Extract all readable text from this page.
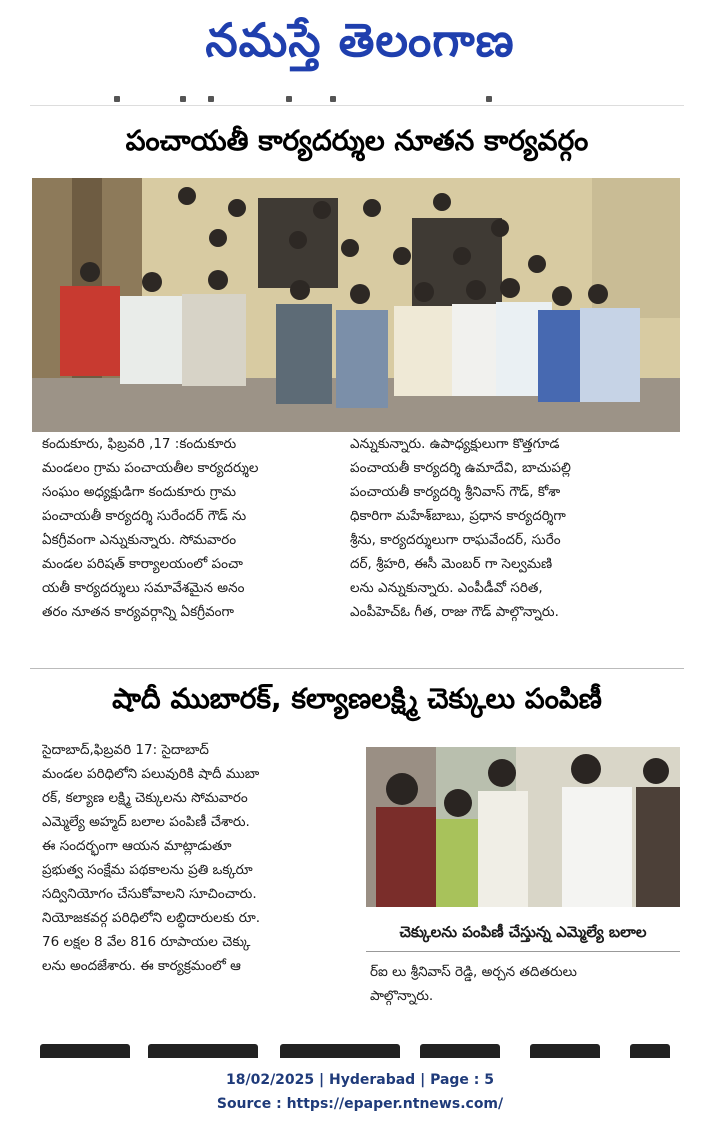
నమస్తే తెలంగాణ
పంచాయతీ కార్యదర్శుల నూతన కార్యవర్గం

కందుకూరు, ఫిబ్రవరి ,17 :కందుకూరు

మండలం గ్రామ పంచాయతీల కార్యదర్శుల

సంఘం అధ్యక్షుడిగా కందుకూరు గ్రామ

పంచాయతీ కార్యదర్శి సురేందర్ గౌడ్ ను

ఏకగ్రీవంగా ఎన్నుకున్నారు. సోమవారం

మండల పరిషత్ కార్యాలయంలో పంచా

యతీ కార్యదర్శులు సమావేశమైన అనం

తరం నూతన కార్యవర్గాన్ని ఏకగ్రీవంగా

ఎన్నుకున్నారు. ఉపాధ్యక్షులుగా కొత్తగూడ

పంచాయతీ కార్యదర్శి ఉమాదేవి, బాచుపల్లి

పంచాయతీ కార్యదర్శి శ్రీనివాస్ గౌడ్, కోశా

ధికారిగా మహేశ్‌బాబు, ప్రధాన కార్యదర్శిగా

శ్రీను, కార్యదర్శులుగా రాఘవేందర్, సురేం

దర్, శ్రీహరి, ఈసీ మెంబర్ గా సెల్వమణి

లను ఎన్నుకున్నారు. ఎంపీడీవో సరిత,

ఎంపీహెచ్ఓ గీత, రాజు గౌడ్ పాల్గొన్నారు.

షాదీ ముబారక్, కల్యాణలక్ష్మి చెక్కులు పంపిణీ

సైదాబాద్,ఫిబ్రవరి 17: సైదాబాద్

మండల పరిధిలోని పలువురికి షాదీ ముబా

రక్, కల్యాణ లక్ష్మి చెక్కులను సోమవారం

ఎమ్మెల్యే అహ్మద్ బలాల పంపిణీ చేశారు.

ఈ సందర్భంగా ఆయన మాట్లాడుతూ

ప్రభుత్వ సంక్షేమ పథకాలను ప్రతి ఒక్కరూ

సద్వినియోగం చేసుకోవాలని సూచించారు.

నియోజకవర్గ పరిధిలోని లబ్ధిదారులకు రూ.

76 లక్షల 8 వేల 816 రూపాయల చెక్కు

లను అందజేశారు. ఈ కార్యక్రమంలో ఆ

చెక్కులను పంపిణీ చేస్తున్న ఎమ్మెల్యే బలాల

ర్‌ఐ లు శ్రీనివాస్ రెడ్డి, అర్చన తదితరులు

పాల్గొన్నారు.

18/02/2025 | Hyderabad | Page : 5
Source : https://epaper.ntnews.com/
